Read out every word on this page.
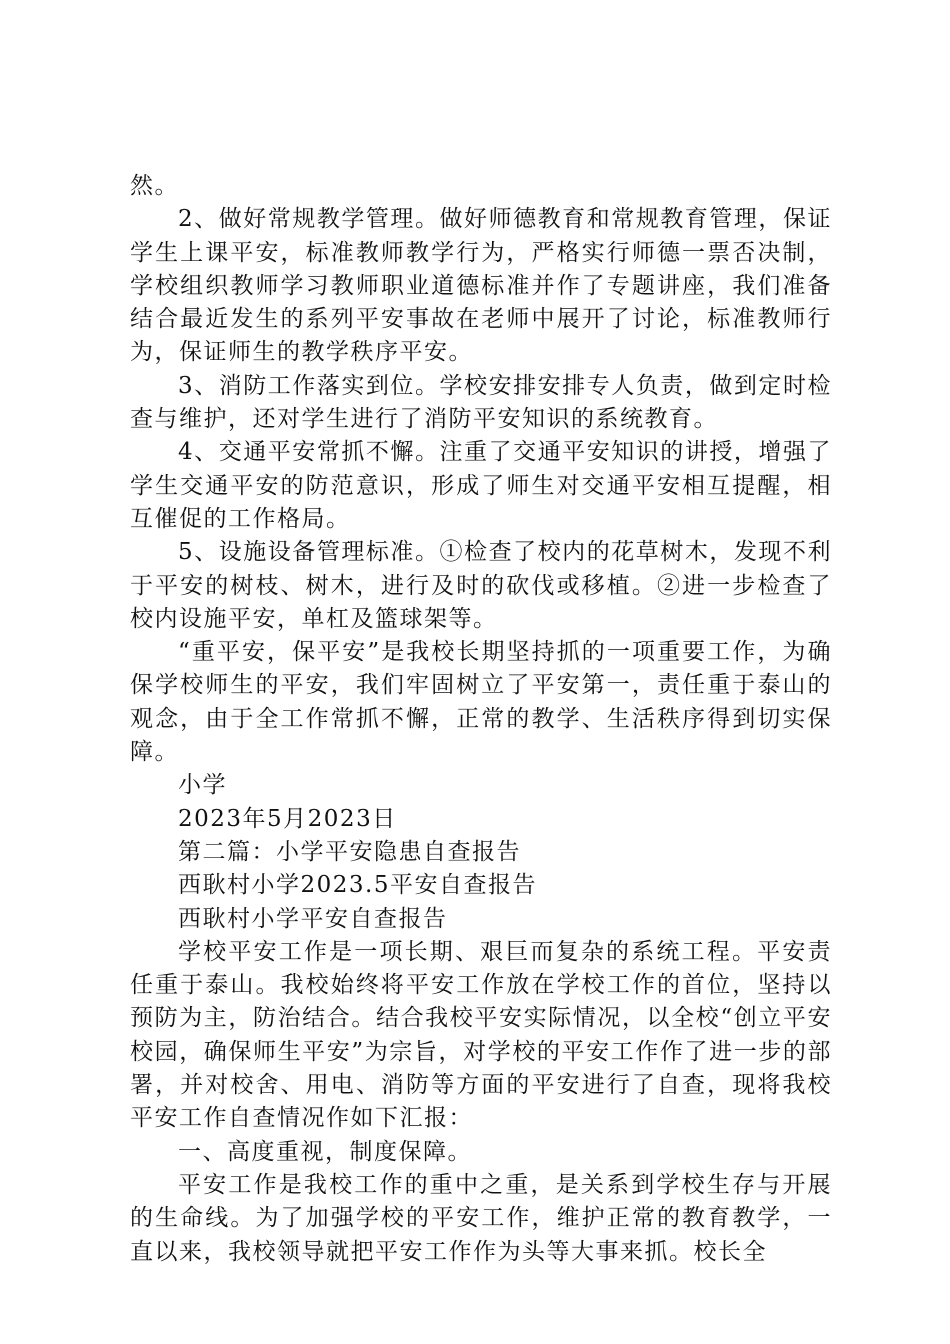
然。

2、做好常规教学管理。做好师德教育和常规教育管理，保证学生上课平安，标准教师教学行为，严格实行师德一票否决制，学校组织教师学习教师职业道德标准并作了专题讲座，我们准备结合最近发生的系列平安事故在老师中展开了讨论，标准教师行为，保证师生的教学秩序平安。

3、消防工作落实到位。学校安排安排专人负责，做到定时检查与维护，还对学生进行了消防平安知识的系统教育。

4、交通平安常抓不懈。注重了交通平安知识的讲授，增强了学生交通平安的防范意识，形成了师生对交通平安相互提醒，相互催促的工作格局。

5、设施设备管理标准。①检查了校内的花草树木，发现不利于平安的树枝、树木，进行及时的砍伐或移植。②进一步检查了校内设施平安，单杠及篮球架等。

“重平安，保平安”是我校长期坚持抓的一项重要工作，为确保学校师生的平安，我们牢固树立了平安第一，责任重于泰山的观念，由于全工作常抓不懈，正常的教学、生活秩序得到切实保障。

小学

2023年5月2023日

第二篇：小学平安隐患自查报告

西耿村小学2023.5平安自查报告

西耿村小学平安自查报告

学校平安工作是一项长期、艰巨而复杂的系统工程。平安责任重于泰山。我校始终将平安工作放在学校工作的首位，坚持以预防为主，防治结合。结合我校平安实际情况，以全校“创立平安校园，确保师生平安”为宗旨，对学校的平安工作作了进一步的部署，并对校舍、用电、消防等方面的平安进行了自查，现将我校平安工作自查情况作如下汇报：

一、高度重视，制度保障。

平安工作是我校工作的重中之重，是关系到学校生存与开展的生命线。为了加强学校的平安工作，维护正常的教育教学，一直以来，我校领导就把平安工作作为头等大事来抓。校长全
